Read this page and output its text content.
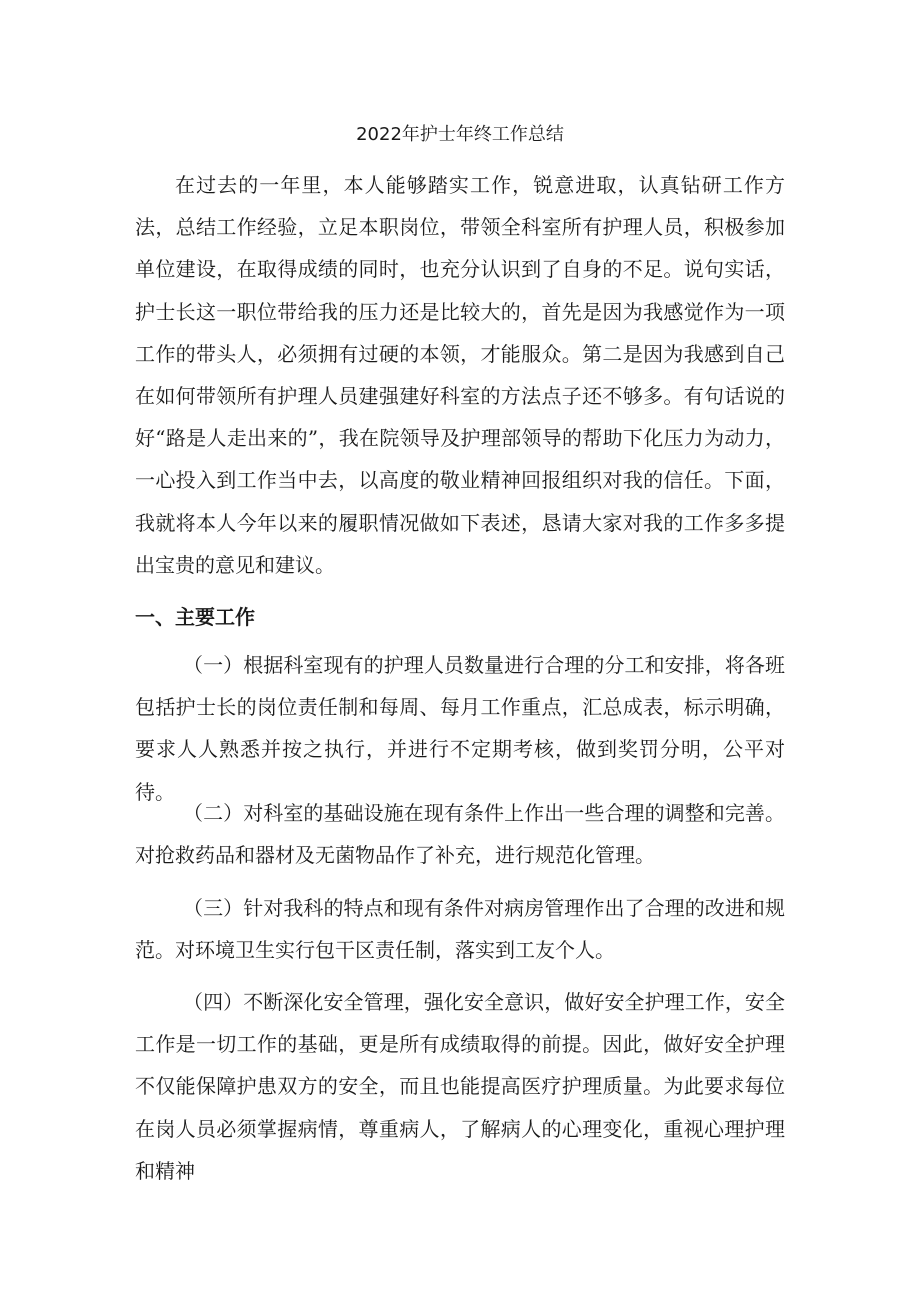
2022年护士年终工作总结

在过去的一年里，本人能够踏实工作，锐意进取，认真钻研工作方法，总结工作经验，立足本职岗位，带领全科室所有护理人员，积极参加单位建设，在取得成绩的同时，也充分认识到了自身的不足。说句实话，护士长这一职位带给我的压力还是比较大的，首先是因为我感觉作为一项工作的带头人，必须拥有过硬的本领，才能服众。第二是因为我感到自己在如何带领所有护理人员建强建好科室的方法点子还不够多。有句话说的好“路是人走出来的”，我在院领导及护理部领导的帮助下化压力为动力，一心投入到工作当中去，以高度的敬业精神回报组织对我的信任。下面，我就将本人今年以来的履职情况做如下表述，恳请大家对我的工作多多提出宝贵的意见和建议。

一、主要工作

（一）根据科室现有的护理人员数量进行合理的分工和安排，将各班包括护士长的岗位责任制和每周、每月工作重点，汇总成表，标示明确，要求人人熟悉并按之执行，并进行不定期考核，做到奖罚分明，公平对待。

（二）对科室的基础设施在现有条件上作出一些合理的调整和完善。对抢救药品和器材及无菌物品作了补充，进行规范化管理。

（三）针对我科的特点和现有条件对病房管理作出了合理的改进和规范。对环境卫生实行包干区责任制，落实到工友个人。

（四）不断深化安全管理，强化安全意识，做好安全护理工作，安全工作是一切工作的基础，更是所有成绩取得的前提。因此，做好安全护理不仅能保障护患双方的安全，而且也能提高医疗护理质量。为此要求每位在岗人员必须掌握病情，尊重病人，了解病人的心理变化，重视心理护理和精神
